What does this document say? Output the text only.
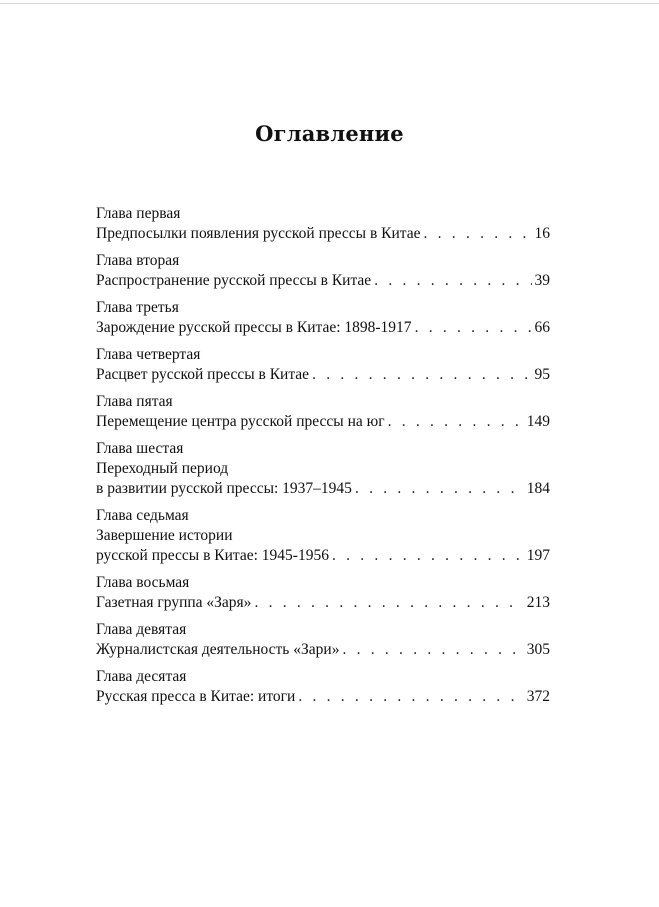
Оглавление
Глава первая
Предпосылки появления русской прессы в Китае . . .	16
Глава вторая
Распространение русской прессы в Китае . . .	39
Глава третья
Зарождение русской прессы в Китае: 1898-1917 . . .	66
Глава четвертая
Расцвет русской прессы в Китае . . .	95
Глава пятая
Перемещение центра русской прессы на юг . . .	149
Глава шестая
Переходный период
в развитии русской прессы: 1937–1945 . . .	184
Глава седьмая
Завершение истории
русской прессы в Китае: 1945-1956 . . .	197
Глава восьмая
Газетная группа «Заря» . . .	213
Глава девятая
Журналистская деятельность «Зари» . . .	305
Глава десятая
Русская пресса в Китае: итоги . . .	372
